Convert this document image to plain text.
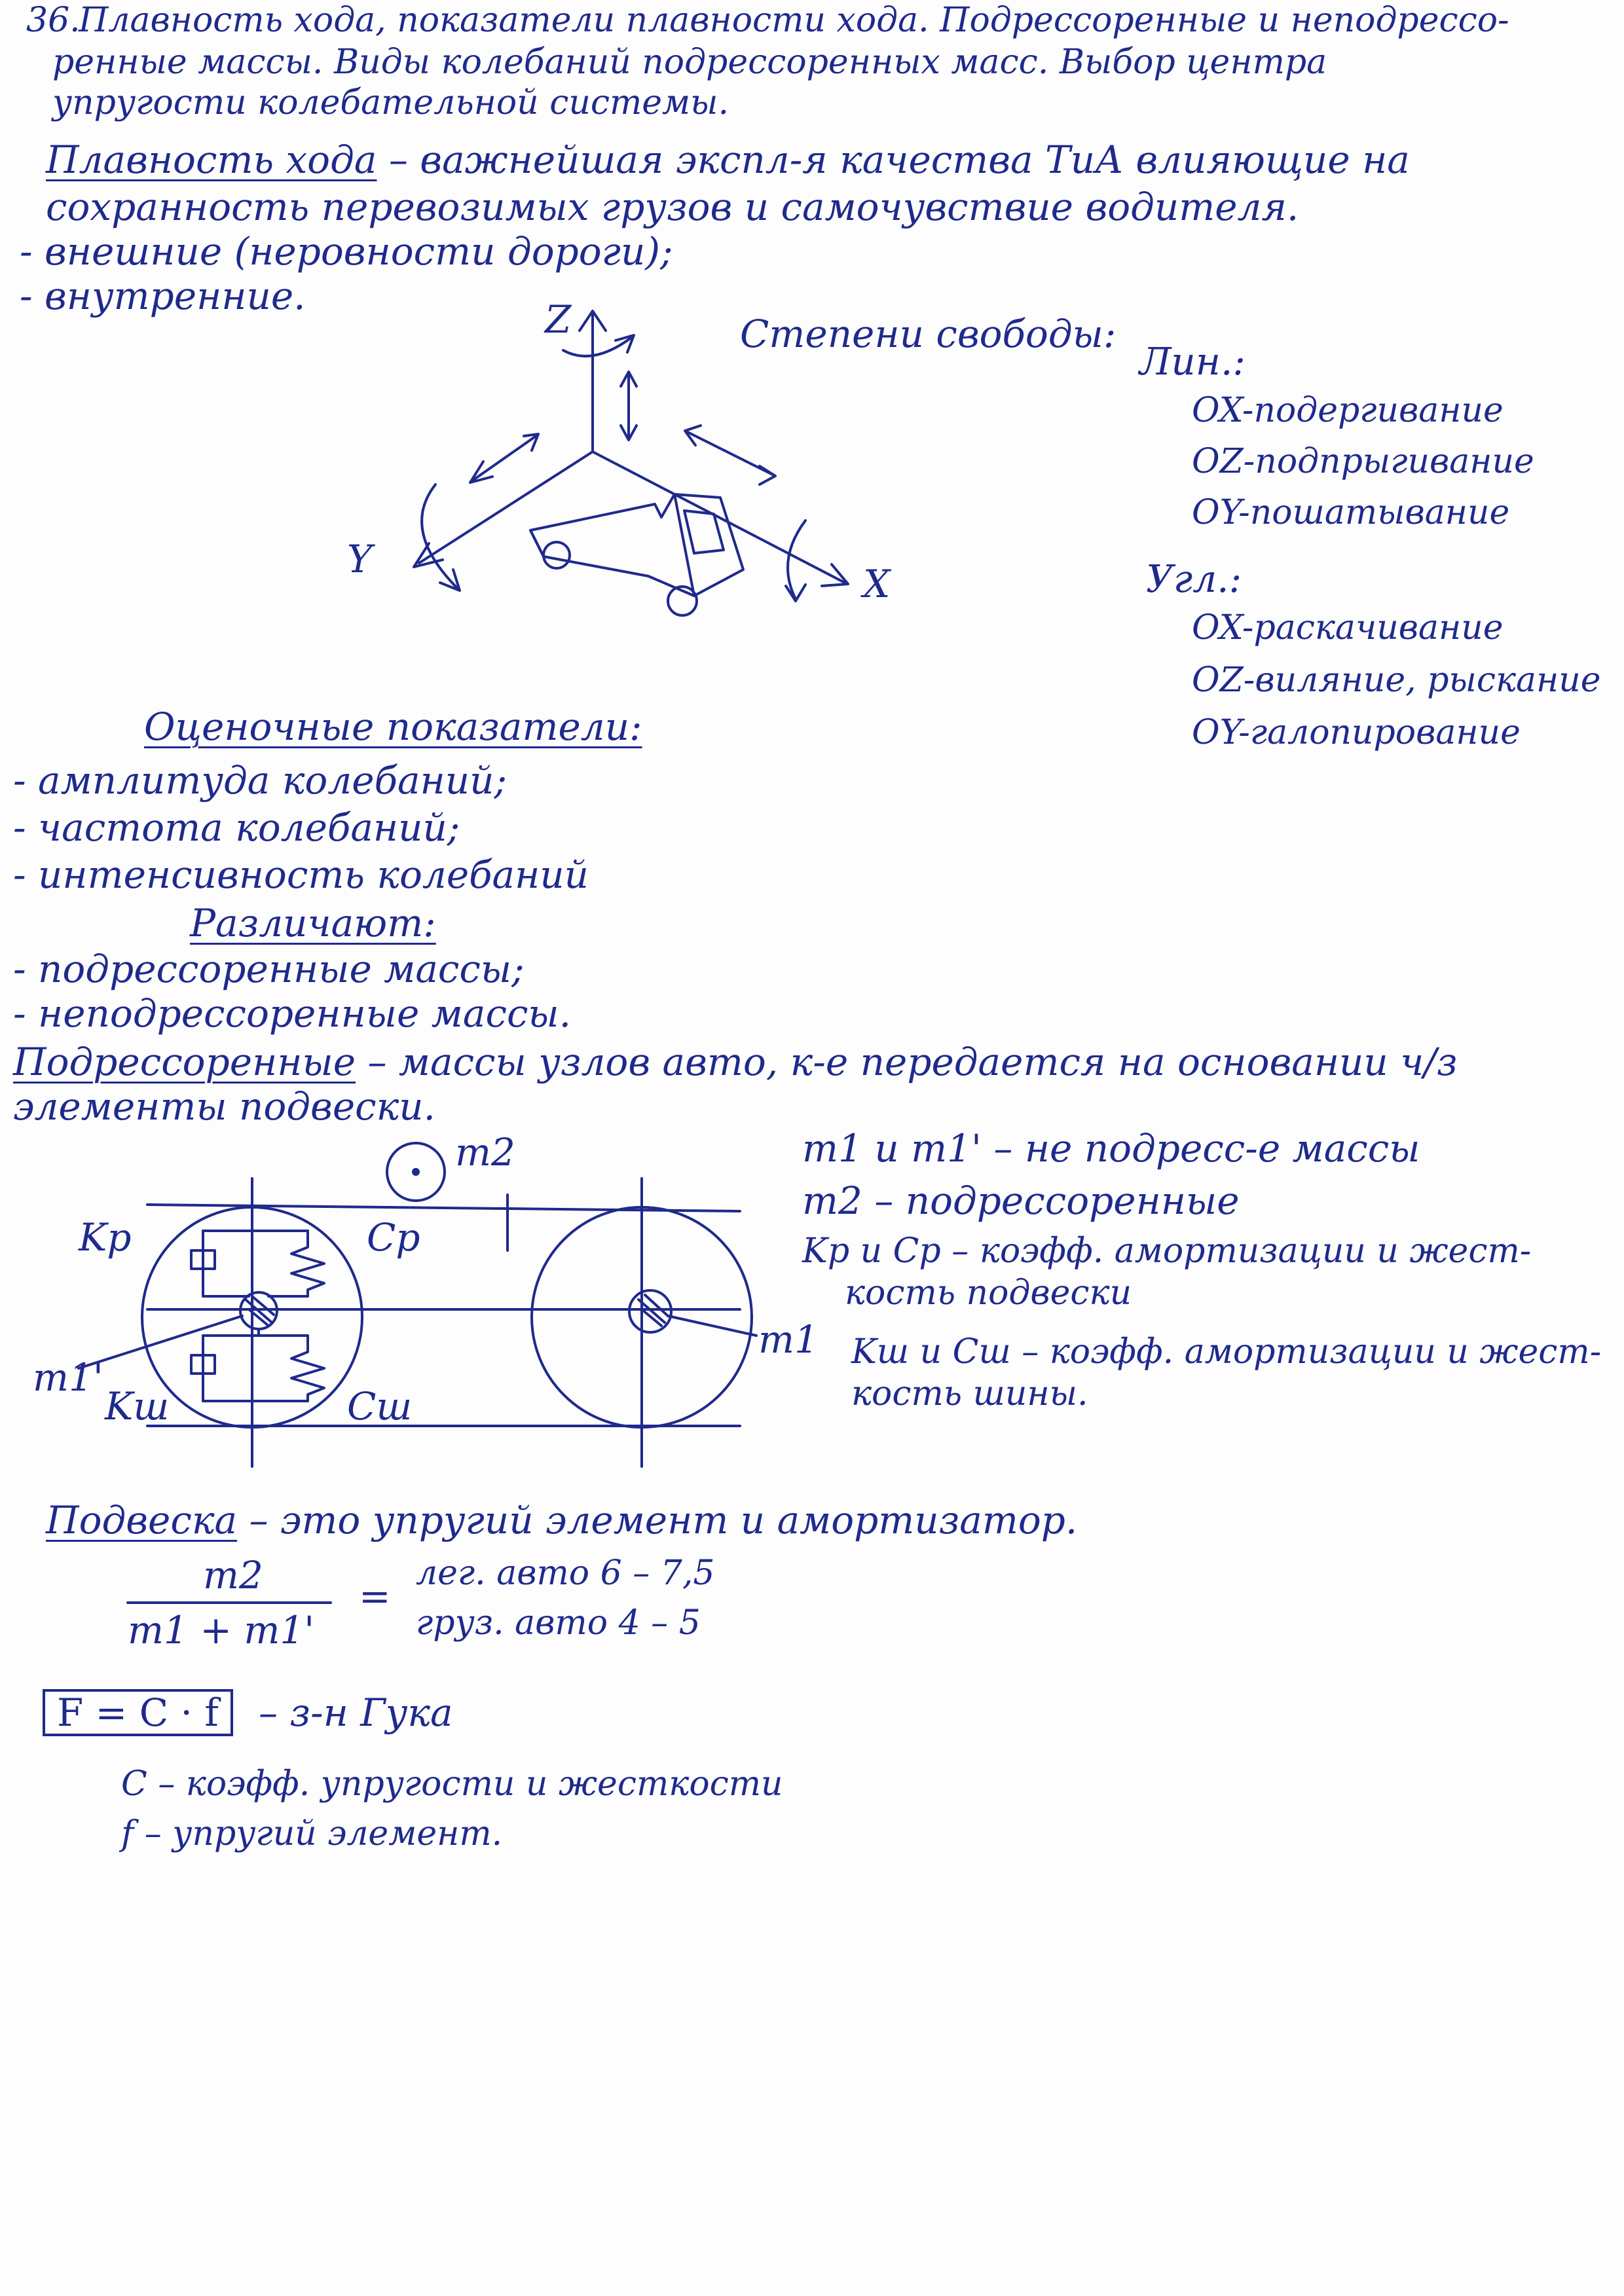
36.
Плавность хода, показатели плавности хода. Подрессоренные и неподрессо-
ренные массы. Виды колебаний подрессоренных масс. Выбор центра
упругости колебательной системы.
Плавность хода – важнейшая экспл-я качества ТиА влияющие на
сохранность перевозимых грузов и самочувствие водителя.
- внешние (неровности дороги);
- внутренние.
Степени свободы:
Лин.:
OX-подергивание
OZ-подпрыгивание
OY-пошатывание
Угл.:
OX-раскачивание
OZ-виляние, рыскание
OY-галопирование
Z
Y
X
Оценочные показатели:
- амплитуда колебаний;
- частота колебаний;
- интенсивность колебаний
Различают:
- подрессоренные массы;
- неподрессоренные массы.
Подрессоренные – массы узлов авто, к-е передается на основании ч/з
элементы подвески.
m2
Kp	Cp
m1'
Kш	Cш
m1
m1 и m1' – не подресс-е массы
m2 – подрессоренные
Kp и Cp – коэфф. амортизации и жест-
кость подвески
Kш и Cш – коэфф. амортизации и жест-
кость шины.
Подвеска – это упругий элемент и амортизатор.
m2
m1 + m1'
=
лег. авто 6 – 7,5
груз. авто 4 – 5
F = C · f	– з-н Гука
C – коэфф. упругости и жесткости
f – упругий элемент.
